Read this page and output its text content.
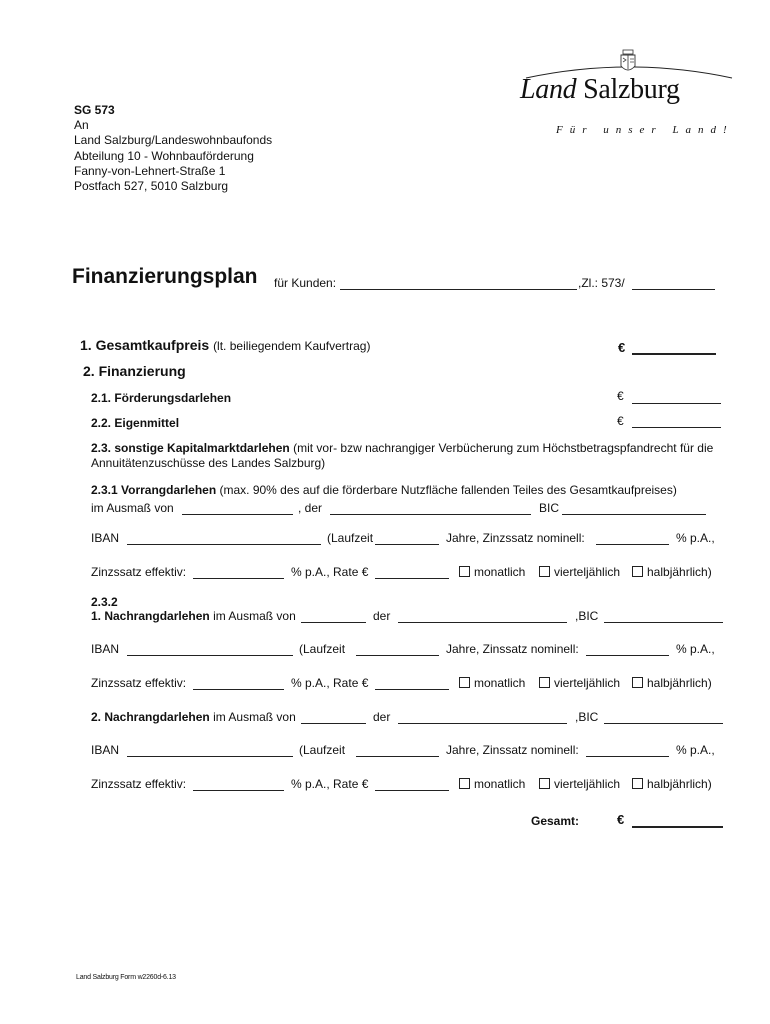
Land Salzburg
Für unser Land!
SG 573
An
Land Salzburg/Landeswohnbaufonds
Abteilung 10 - Wohnbauförderung
Fanny-von-Lehnert-Straße 1
Postfach 527, 5010 Salzburg
Finanzierungsplan für Kunden:	,Zl.: 573/
1. Gesamtkaufpreis (lt. beiliegendem Kaufvertrag)	€
2. Finanzierung
2.1. Förderungsdarlehen	€
2.2. Eigenmittel	€
2.3. sonstige Kapitalmarktdarlehen (mit vor- bzw nachrangiger Verbücherung zum Höchstbetragspfandrecht für die
Annuitätenzuschüsse des Landes Salzburg)
2.3.1 Vorrangdarlehen (max. 90% des auf die förderbare Nutzfläche fallenden Teiles des Gesamtkaufpreises)
im Ausmaß von	, der	BIC
IBAN	(Laufzeit	Jahre, Zinzssatz nominell:	% p.A.,
Zinzssatz effektiv:	% p.A., Rate €	monatlich	vierteljählich	halbjährlich)
2.3.2
1. Nachrangdarlehen im Ausmaß von	der	,BIC
IBAN	(Laufzeit	Jahre, Zinssatz nominell:	% p.A.,
Zinzssatz effektiv:	% p.A., Rate €	monatlich	vierteljählich	halbjährlich)
2. Nachrangdarlehen im Ausmaß von	der	,BIC
IBAN	(Laufzeit	Jahre, Zinssatz nominell:	% p.A.,
Zinzssatz effektiv:	% p.A., Rate €	monatlich	vierteljählich	halbjährlich)
Gesamt:	€
Land Salzburg Form w2260d-6.13
